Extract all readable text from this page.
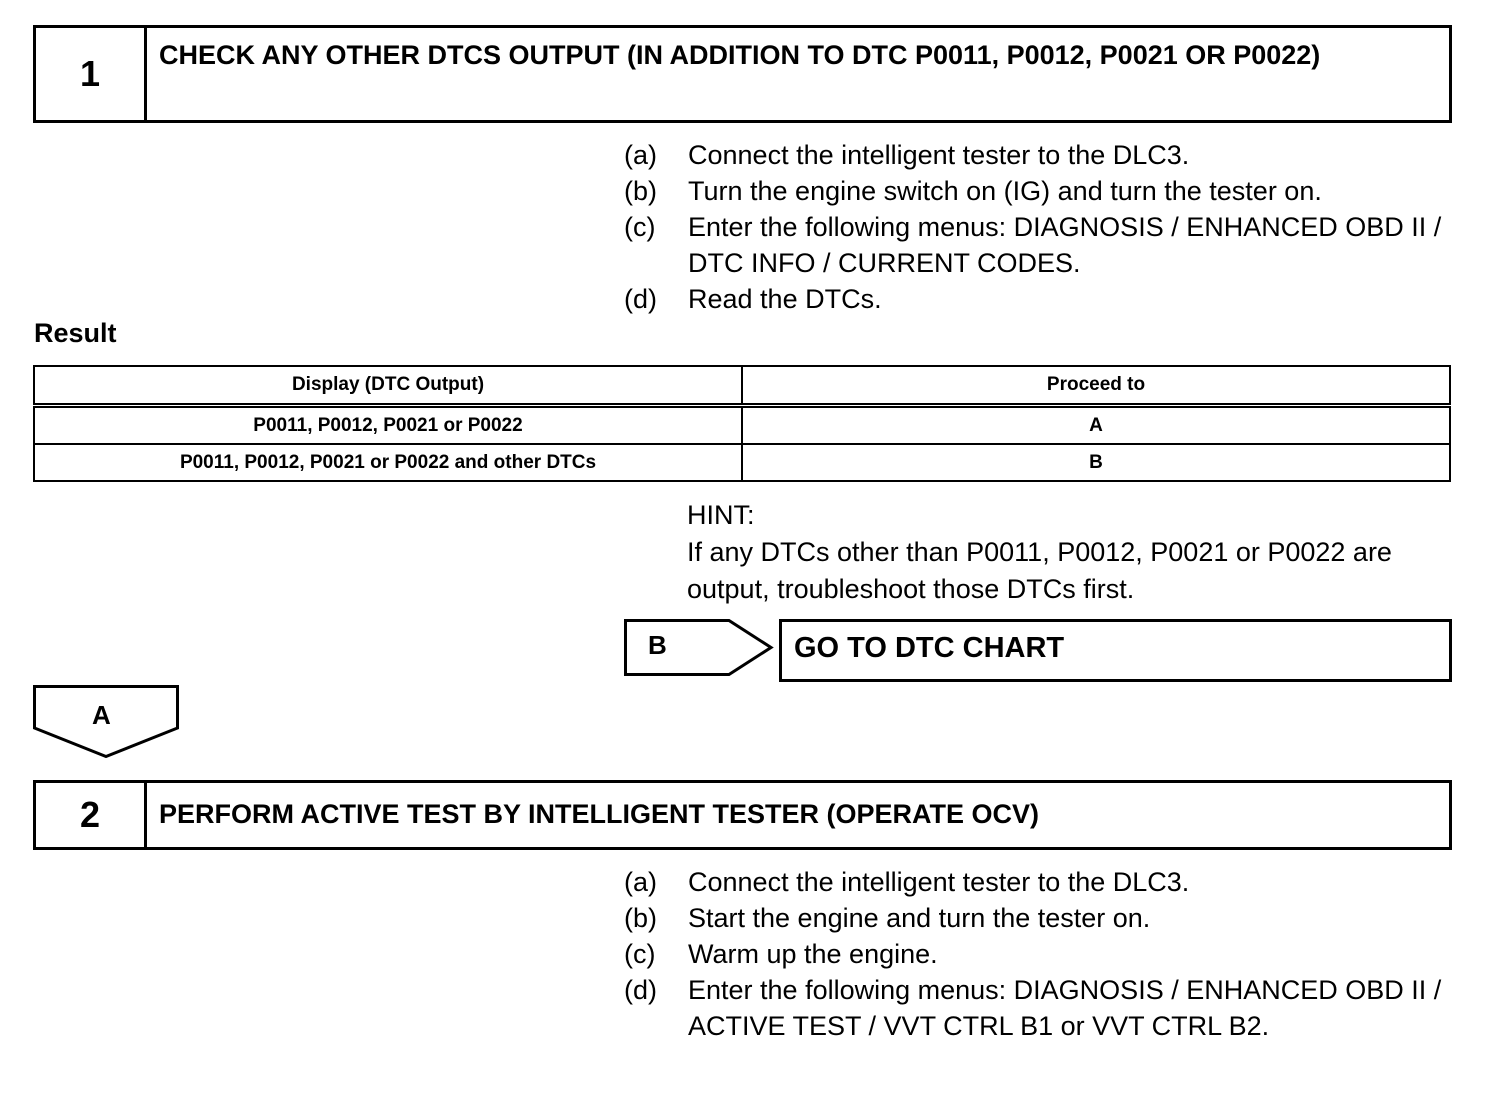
1	CHECK ANY OTHER DTCS OUTPUT (IN ADDITION TO DTC P0011, P0012, P0021 OR P0022)
(a)	Connect the intelligent tester to the DLC3.
(b)	Turn the engine switch on (IG) and turn the tester on.
(c)	Enter the following menus: DIAGNOSIS / ENHANCED OBD II / DTC INFO / CURRENT CODES.
(d)	Read the DTCs.
Result
Display (DTC Output)	Proceed to
P0011, P0012, P0021 or P0022	A
P0011, P0012, P0021 or P0022 and other DTCs	B
HINT:
If any DTCs other than P0011, P0012, P0021 or P0022 are output, troubleshoot those DTCs first.
B	GO TO DTC CHART
A
2	PERFORM ACTIVE TEST BY INTELLIGENT TESTER (OPERATE OCV)
(a)	Connect the intelligent tester to the DLC3.
(b)	Start the engine and turn the tester on.
(c)	Warm up the engine.
(d)	Enter the following menus: DIAGNOSIS / ENHANCED OBD II / ACTIVE TEST / VVT CTRL B1 or VVT CTRL B2.
